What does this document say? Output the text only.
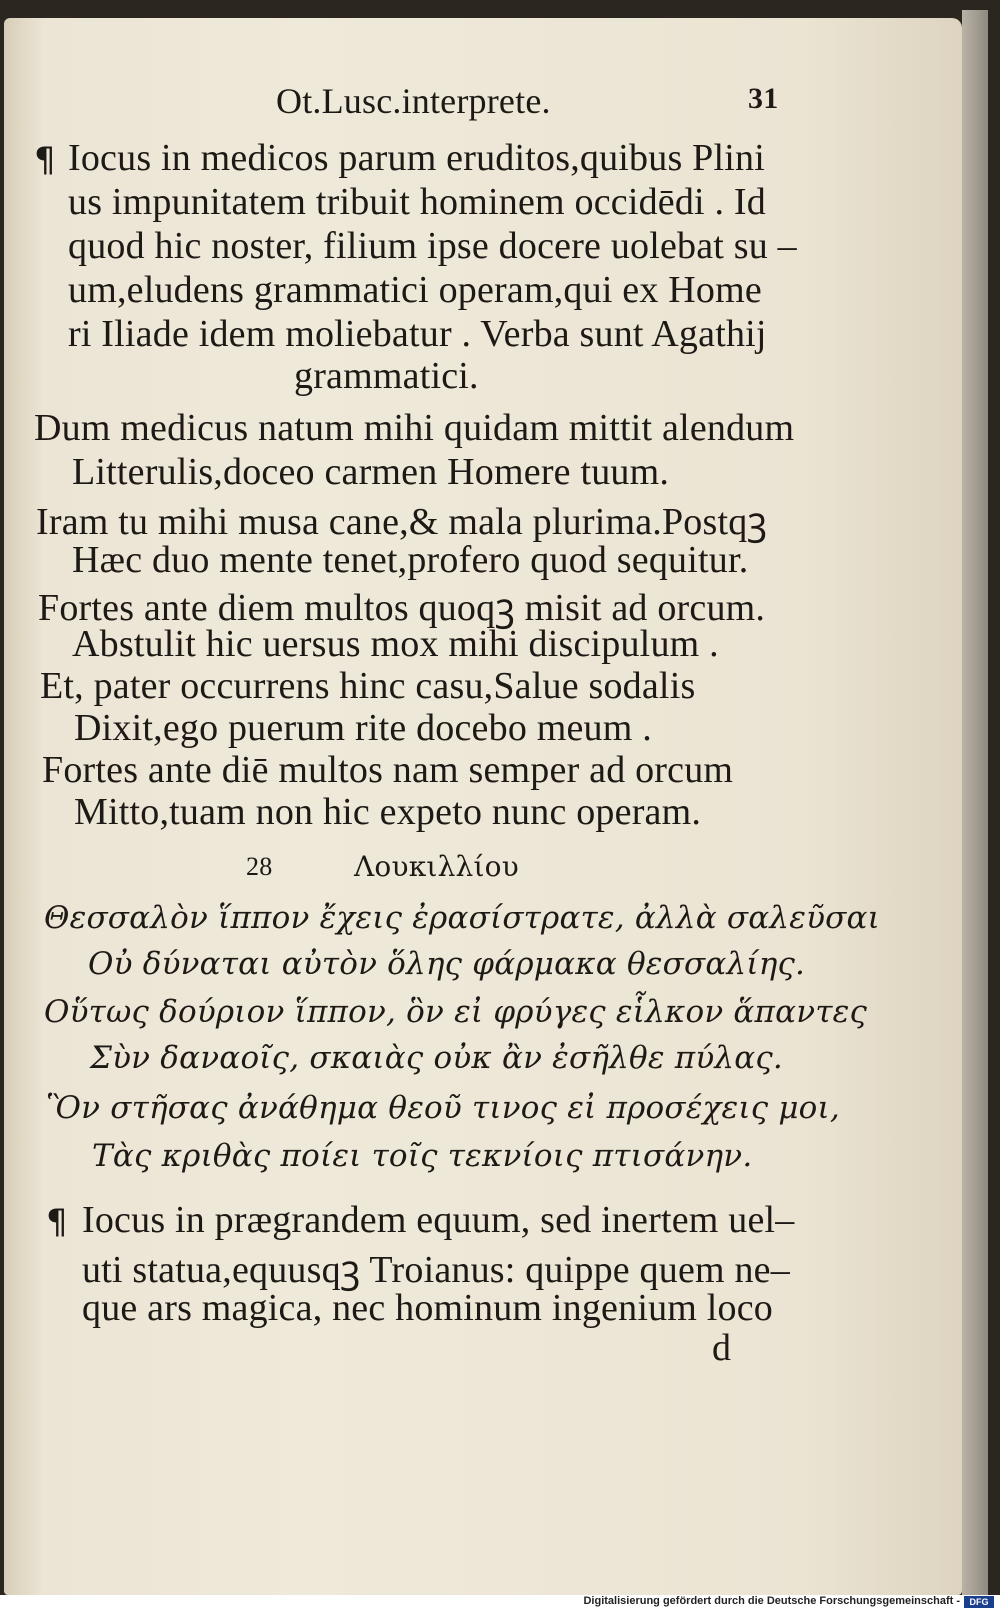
Ot.Lusc.interprete.	31
¶ Iocus in medicos parum eruditos,quibus Plini
us impunitatem tribuit hominem occidēdi . Id
quod hic noster, filium ipse docere uolebat su –
um,eludens grammatici operam,qui ex Home
ri Iliade idem moliebatur . Verba sunt Agathij
grammatici.
Dum medicus natum mihi quidam mittit alendum
Litterulis,doceo carmen Homere tuum.
Iram tu mihi musa cane,& mala plurima.Postqꝫ
Hæc duo mente tenet,profero quod sequitur.
Fortes ante diem multos quoqꝫ misit ad orcum.
Abstulit hic uersus mox mihi discipulum .
Et, pater occurrens hinc casu,Salue sodalis
Dixit,ego puerum rite docebo meum .
Fortes ante diē multos nam semper ad orcum
Mitto,tuam non hic expeto nunc operam.
28	Λουκιλλίου
Θεσσαλὸν ἵππον ἔχεις ἐρασίστρατε, ἀλλὰ σαλεῦσαι
Οὐ δύναται αὐτὸν ὅλης φάρμακα θεσσαλίης.
Οὕτως δούριον ἵππον, ὃν εἰ φρύγες εἷλκον ἅπαντες
Σὺν δαναοῖς, σκαιὰς οὐκ ἂν ἐσῆλθε πύλας.
Ὃν στῆσας ἀνάθημα θεοῦ τινος εἰ προσέχεις μοι,
Τὰς κριθὰς ποίει τοῖς τεκνίοις πτισάνην.
¶ Iocus in prægrandem equum, sed inertem uel–
uti statua,equusqꝫ Troianus: quippe quem ne–
que ars magica, nec hominum ingenium loco
d
Digitalisierung gefördert durch die Deutsche Forschungsgemeinschaft -	DFG
